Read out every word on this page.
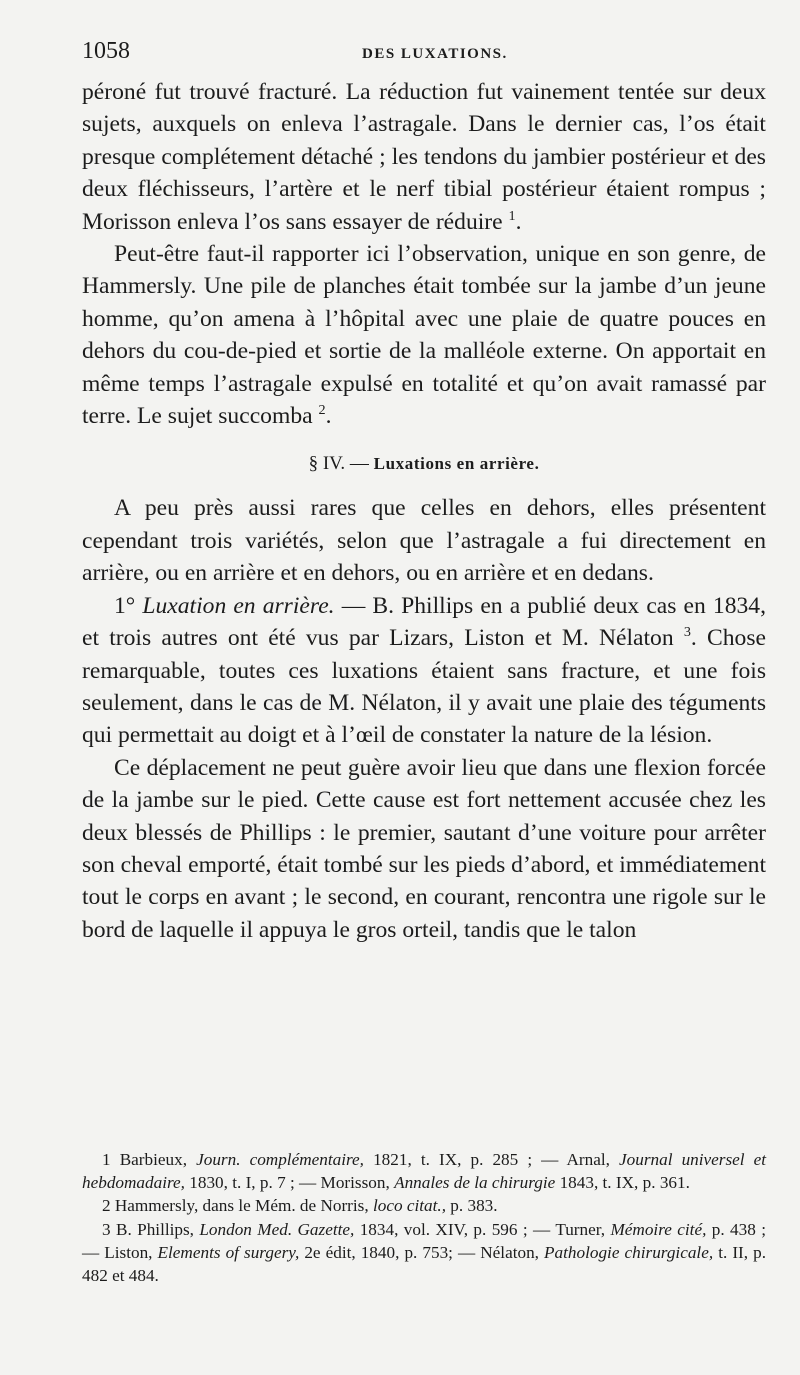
1058	DES LUXATIONS.

péroné fut trouvé fracturé. La réduction fut vainement tentée sur deux sujets, auxquels on enleva l’astragale. Dans le dernier cas, l’os était presque complétement détaché ; les tendons du jambier postérieur et des deux fléchisseurs, l’artère et le nerf tibial postérieur étaient rompus ; Morisson enleva l’os sans essayer de réduire $^1$.

Peut-être faut-il rapporter ici l’observation, unique en son genre, de Hammersly. Une pile de planches était tombée sur la jambe d’un jeune homme, qu’on amena à l’hôpital avec une plaie de quatre pouces en dehors du cou-de-pied et sortie de la malléole externe. On apportait en même temps l’astragale expulsé en totalité et qu’on avait ramassé par terre. Le sujet succomba $^2$.

§ IV. — Luxations en arrière.

A peu près aussi rares que celles en dehors, elles présentent cependant trois variétés, selon que l’astragale a fui directement en arrière, ou en arrière et en dehors, ou en arrière et en dedans.

1° Luxation en arrière. — B. Phillips en a publié deux cas en 1834, et trois autres ont été vus par Lizars, Liston et M. Nélaton $^3$. Chose remarquable, toutes ces luxations étaient sans fracture, et une fois seulement, dans le cas de M. Nélaton, il y avait une plaie des téguments qui permettait au doigt et à l’œil de constater la nature de la lésion.

Ce déplacement ne peut guère avoir lieu que dans une flexion forcée de la jambe sur le pied. Cette cause est fort nettement accusée chez les deux blessés de Phillips : le premier, sautant d’une voiture pour arrêter son cheval emporté, était tombé sur les pieds d’abord, et immédiatement tout le corps en avant ; le second, en courant, rencontra une rigole sur le bord de laquelle il appuya le gros orteil, tandis que le talon

1 Barbieux, Journ. complémentaire, 1821, t. IX, p. 285 ; — Arnal, Journal universel et hebdomadaire, 1830, t. I, p. 7 ; — Morisson, Annales de la chirurgie 1843, t. IX, p. 361.

2 Hammersly, dans le Mém. de Norris, loco citat., p. 383.

3 B. Phillips, London Med. Gazette, 1834, vol. XIV, p. 596 ; — Turner, Mémoire cité, p. 438 ; — Liston, Elements of surgery, 2e édit, 1840, p. 753; — Nélaton, Pathologie chirurgicale, t. II, p. 482 et 484.
